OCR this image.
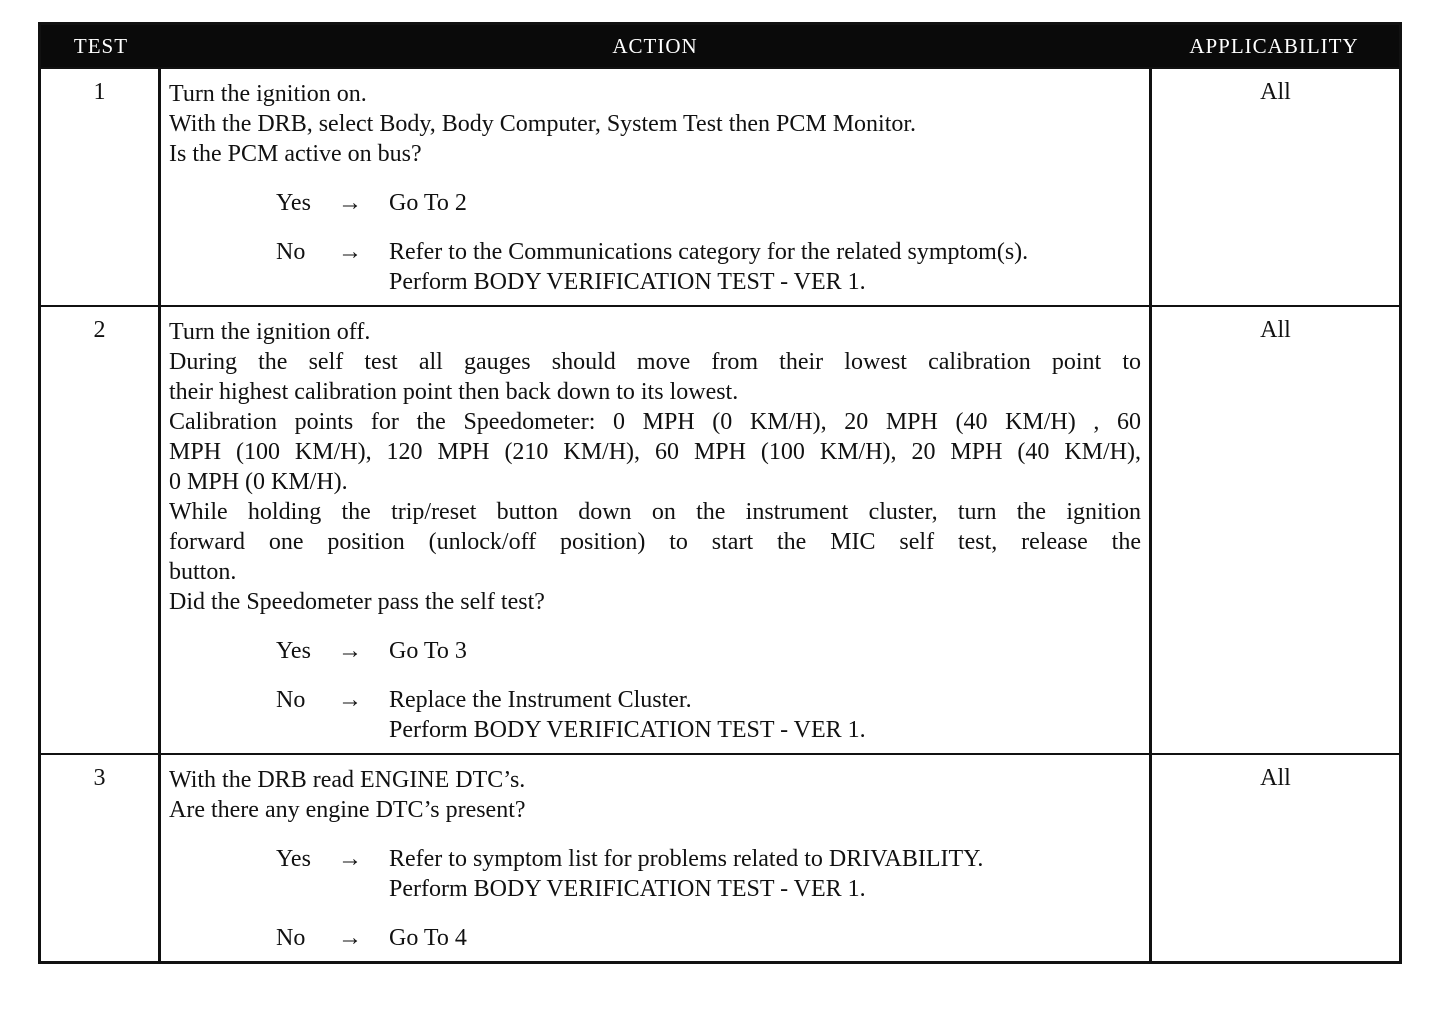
TEST	ACTION	APPLICABILITY
1	Turn the ignition on.
With the DRB, select Body, Body Computer, System Test then PCM Monitor.
Is the PCM active on bus?
Yes	→	Go To 2
No	→	Refer to the Communications category for the related symptom(s).
Perform BODY VERIFICATION TEST - VER 1.
All
2	Turn the ignition off.
During the self test all gauges should move from their lowest calibration point to
their highest calibration point then back down to its lowest.
Calibration points for the Speedometer: 0 MPH (0 KM/H), 20 MPH (40 KM/H) , 60
MPH (100 KM/H), 120 MPH (210 KM/H), 60 MPH (100 KM/H), 20 MPH (40 KM/H),
0 MPH (0 KM/H).
While holding the trip/reset button down on the instrument cluster, turn the ignition
forward one position (unlock/off position) to start the MIC self test, release the
button.
Did the Speedometer pass the self test?
Yes	→	Go To 3
No	→	Replace the Instrument Cluster.
Perform BODY VERIFICATION TEST - VER 1.
All
3	With the DRB read ENGINE DTC’s.
Are there any engine DTC’s present?
Yes	→	Refer to symptom list for problems related to DRIVABILITY.
Perform BODY VERIFICATION TEST - VER 1.
No	→	Go To 4
All
